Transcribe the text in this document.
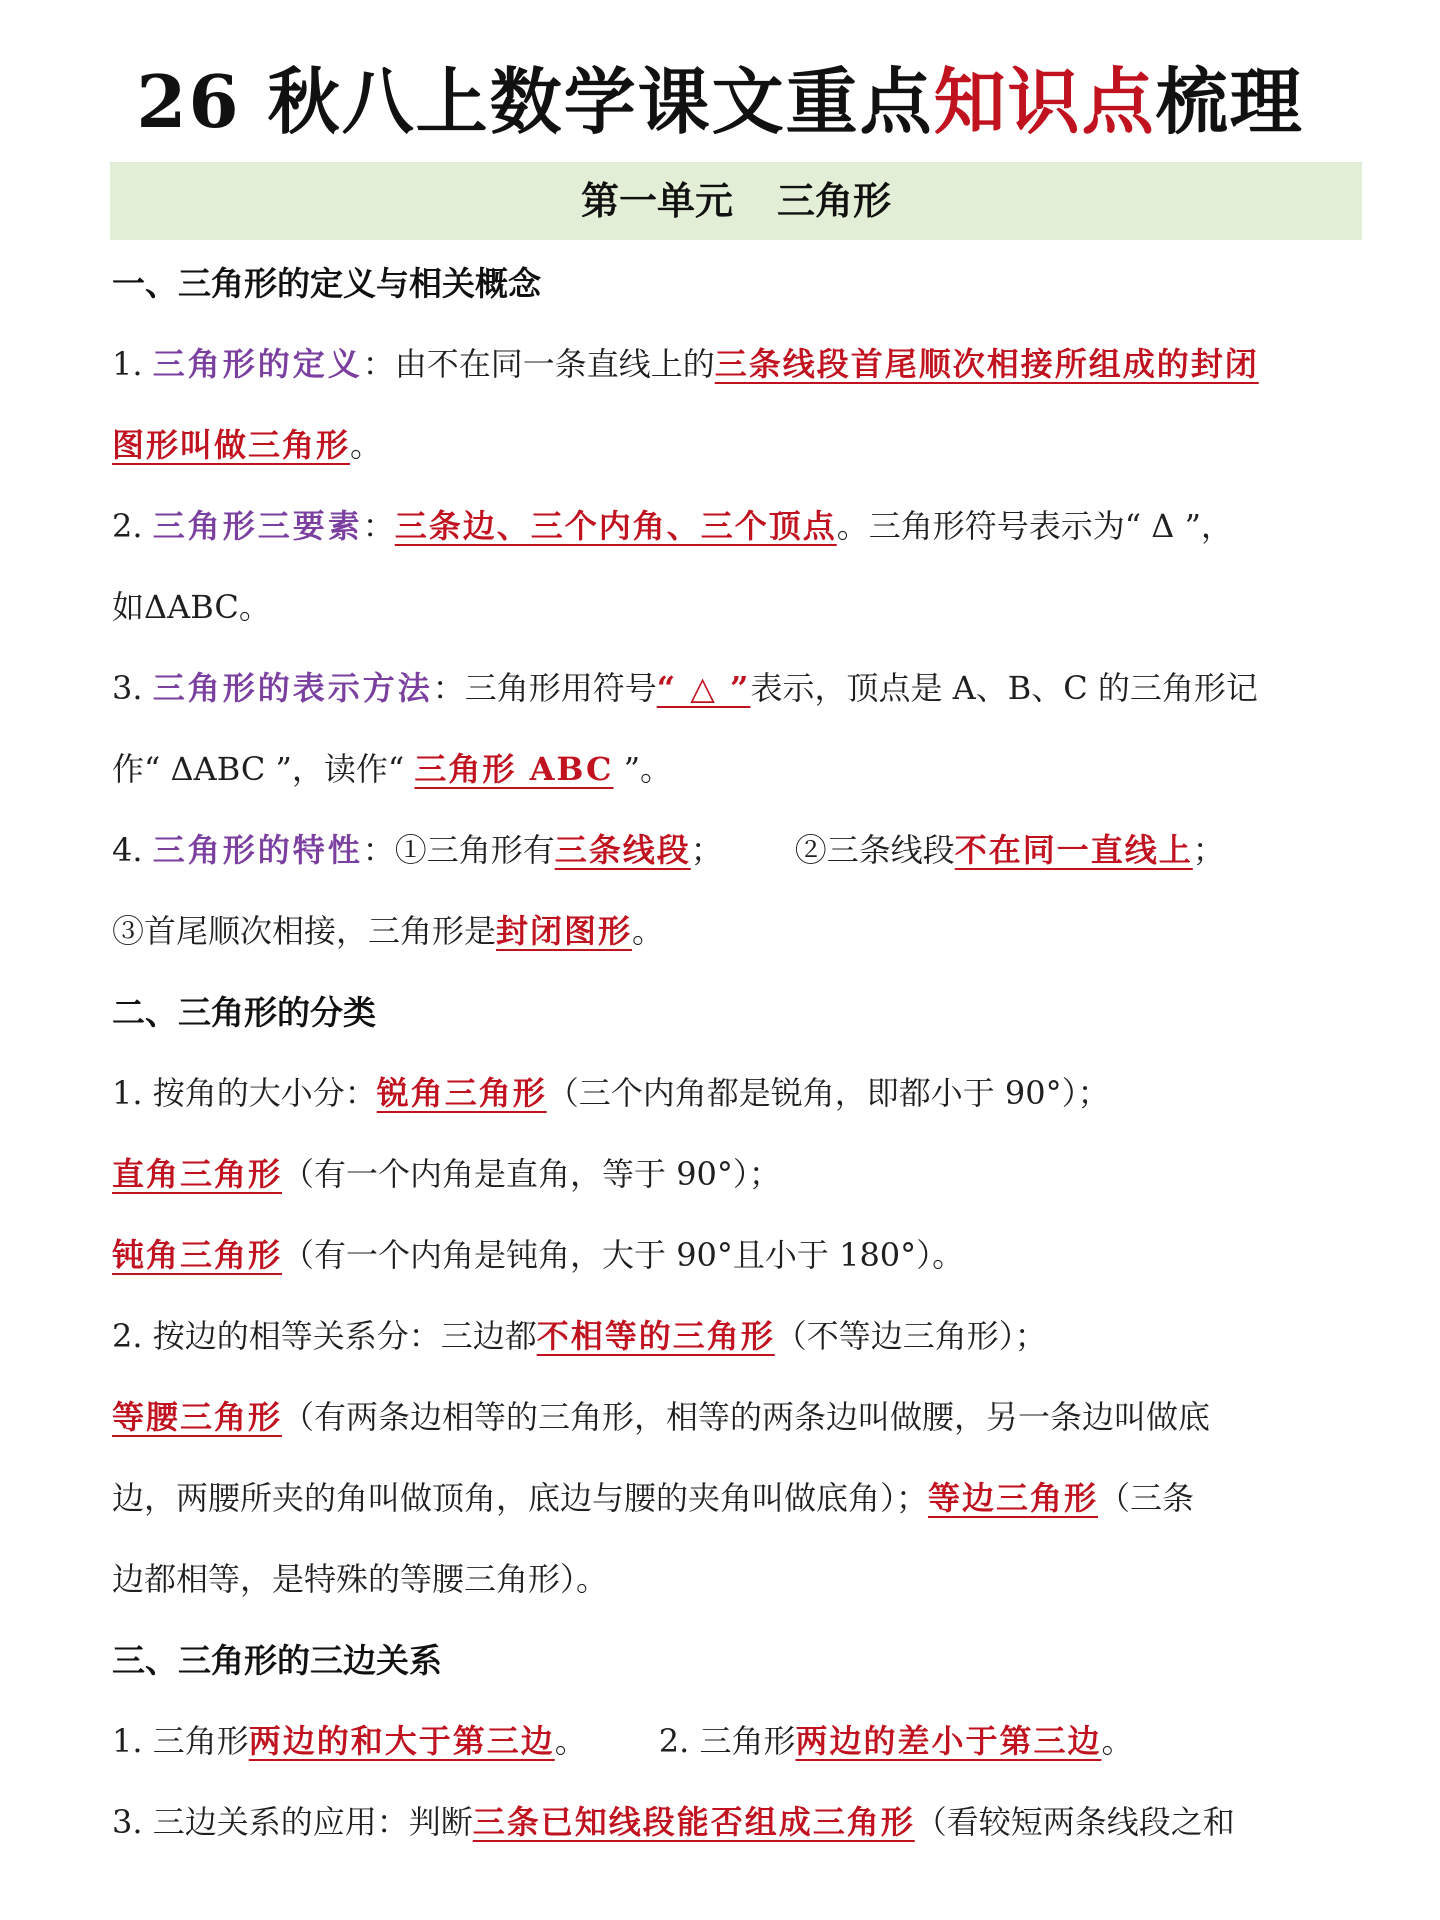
26 秋八上数学课文重点知识点梳理
第一单元 三角形
一、三角形的定义与相关概念
1. 三角形的定义：由不在同一条直线上的三条线段首尾顺次相接所组成的封闭
图形叫做三角形。
2. 三角形三要素：三条边、三个内角、三个顶点。三角形符号表示为“ Δ ”，
如ΔABC。
3. 三角形的表示方法：三角形用符号“ △ ”表示，顶点是 A、B、C 的三角形记
作“ ΔABC ”，读作“ 三角形 ABC ”。
4. 三角形的特性：①三角形有三条线段； ②三条线段不在同一直线上；
③首尾顺次相接，三角形是封闭图形。
二、三角形的分类
1. 按角的大小分：锐角三角形（三个内角都是锐角，即都小于 90°）；
直角三角形（有一个内角是直角，等于 90°）；
钝角三角形（有一个内角是钝角，大于 90°且小于 180°）。
2. 按边的相等关系分：三边都不相等的三角形（不等边三角形）；
等腰三角形（有两条边相等的三角形，相等的两条边叫做腰，另一条边叫做底
边，两腰所夹的角叫做顶角，底边与腰的夹角叫做底角）；等边三角形（三条
边都相等，是特殊的等腰三角形）。
三、三角形的三边关系
1. 三角形两边的和大于第三边。 2. 三角形两边的差小于第三边。
3. 三边关系的应用：判断三条已知线段能否组成三角形（看较短两条线段之和
